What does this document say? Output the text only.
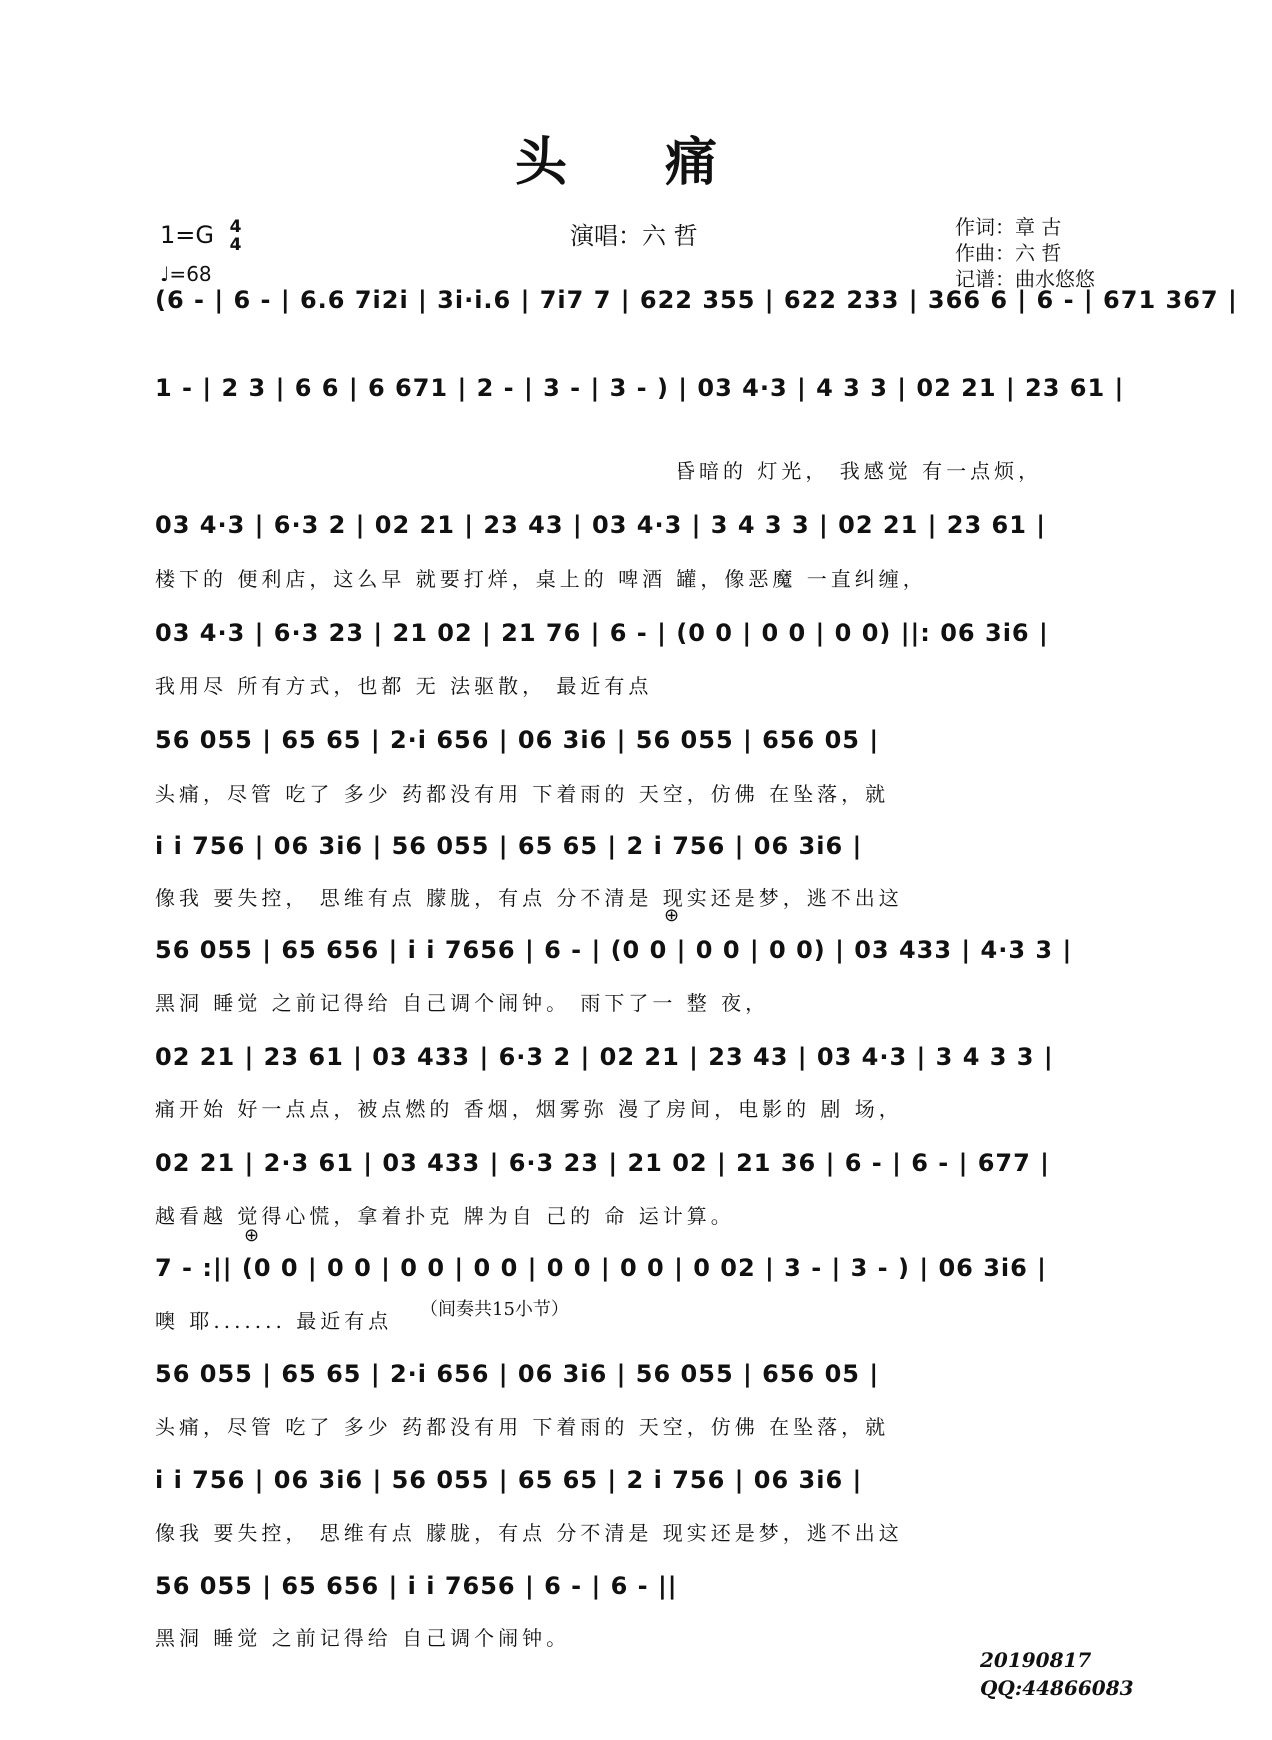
头 痛
1=G 4
4
♩=68
演唱：六 哲	作词：章 古
作曲：六 哲
记谱：曲水悠悠
(6 - | 6 - | 6.6 7i2i | 3i·i.6 | 7i7 7 | 622 355 | 622 233 | 366 6 | 6 - | 671 367 |
1 - | 2 3 | 6 6 | 6 671 | 2 - | 3 - | 3 - ) | 03 4·3 | 4 3 3 | 02 21 | 23 61 |
昏暗的 灯光， 我感觉 有一点烦，
03 4·3 | 6·3 2 | 02 21 | 23 43 | 03 4·3 | 3 4 3 3 | 02 21 | 23 61 |
楼下的 便利店，这么早 就要打烊，桌上的 啤酒 罐，像恶魔 一直纠缠，
03 4·3 | 6·3 23 | 21 02 | 21 76 | 6 - | (0 0 | 0 0 | 0 0) ||: 06 3i6 |
我用尽 所有方式，也都 无 法驱散， 最近有点
56 055 | 65 65 | 2·i 656 | 06 3i6 | 56 055 | 656 05 |
头痛，尽管 吃了 多少 药都没有用 下着雨的 天空，仿佛 在坠落，就
i i 756 | 06 3i6 | 56 055 | 65 65 | 2 i 756 | 06 3i6 |
像我 要失控， 思维有点 朦胧，有点 分不清是 现实还是梦，逃不出这
56 055 | 65 656 | i i 7656 | 6 - | (0 0 | 0 0 | 0 0) | 03 433 | 4·3 3 |
⊕
黑洞 睡觉 之前记得给 自己调个闹钟。 雨下了一 整 夜，
02 21 | 23 61 | 03 433 | 6·3 2 | 02 21 | 23 43 | 03 4·3 | 3 4 3 3 |
痛开始 好一点点，被点燃的 香烟，烟雾弥 漫了房间，电影的 剧 场，
02 21 | 2·3 61 | 03 433 | 6·3 23 | 21 02 | 21 36 | 6 - | 6 - | 677 |
越看越 觉得心慌，拿着扑克 牌为自 己的 命 运计算。
7 - :|| (0 0 | 0 0 | 0 0 | 0 0 | 0 0 | 0 0 | 0 02 | 3 - | 3 - ) | 06 3i6 |
⊕
（间奏共15小节）
噢 耶....... 最近有点
56 055 | 65 65 | 2·i 656 | 06 3i6 | 56 055 | 656 05 |
头痛，尽管 吃了 多少 药都没有用 下着雨的 天空，仿佛 在坠落，就
i i 756 | 06 3i6 | 56 055 | 65 65 | 2 i 756 | 06 3i6 |
像我 要失控， 思维有点 朦胧，有点 分不清是 现实还是梦，逃不出这
56 055 | 65 656 | i i 7656 | 6 - | 6 - ||
黑洞 睡觉 之前记得给 自己调个闹钟。
20190817
QQ:44866083
